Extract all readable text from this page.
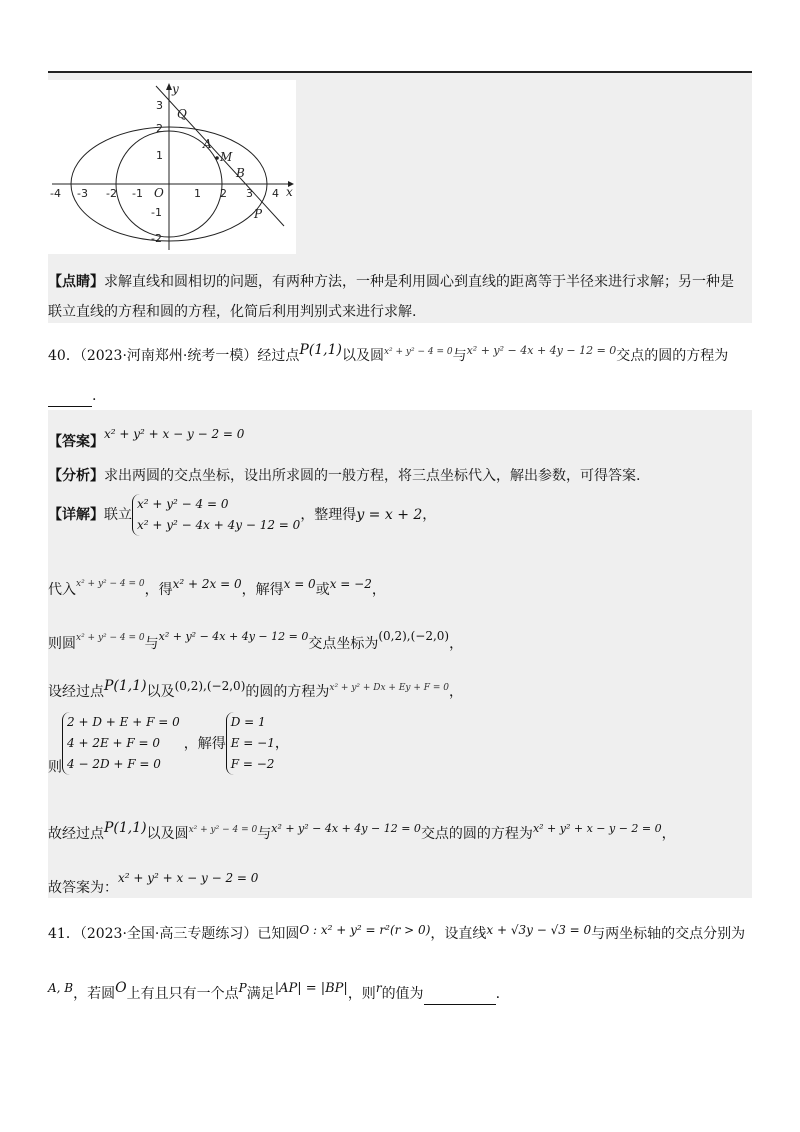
-4 -3 -2 -1 O	1 2 3 4 x
y
3
2
1
-1
-2
Q
A
M
B
P
【点睛】求解直线和圆相切的问题，有两种方法，一种是利用圆心到直线的距离等于半径来进行求解；另一种是
联立直线的方程和圆的方程，化简后利用判别式来进行求解.
40．（2023·河南郑州·统考一模）经过点P(1,1)以及圆$^{x^2 + y^2 - 4 = 0}$与$^{x^2 + y^2 - 4x + 4y - 12 = 0}$交点的圆的方程为
.
【答案】x² + y² + x − y − 2 = 0
【分析】求出两圆的交点坐标，设出所求圆的一般方程，将三点坐标代入，解出参数，可得答案.
【详解】联立x² + y² − 4 = 0
x² + y² − 4x + 4y − 12 = 0，整理得y = x + 2，
代入$^{x^2 + y^2 - 4 = 0}$，得x² + 2x = 0，解得x = 0或x = −2，
则圆$^{x^2 + y^2 - 4 = 0}$与$^{x^2 + y^2 - 4x + 4y - 12 = 0}$交点坐标为(0,2),(−2,0)，
设经过点P(1,1)以及(0,2),(−2,0)的圆的方程为$^{x^2 + y^2 + Dx + Ey + F = 0}$，
则2 + D + E + F = 0
4 + 2E + F = 0
4 − 2D + F = 0，解得D = 1
E = −1
F = −2，
故经过点P(1,1)以及圆$^{x^2 + y^2 - 4 = 0}$与$^{x^2 + y^2 - 4x + 4y - 12 = 0}$交点的圆的方程为$^{x^2 + y^2 + x - y - 2 = 0}$，
故答案为：x² + y² + x − y − 2 = 0
41．（2023·全国·高三专题练习）已知圆O : x² + y² = r²(r > 0)，设直线x + √3y − √3 = 0与两坐标轴的交点分别为
A, B，若圆O上有且只有一个点P满足|AP| = |BP|，则r的值为	.
